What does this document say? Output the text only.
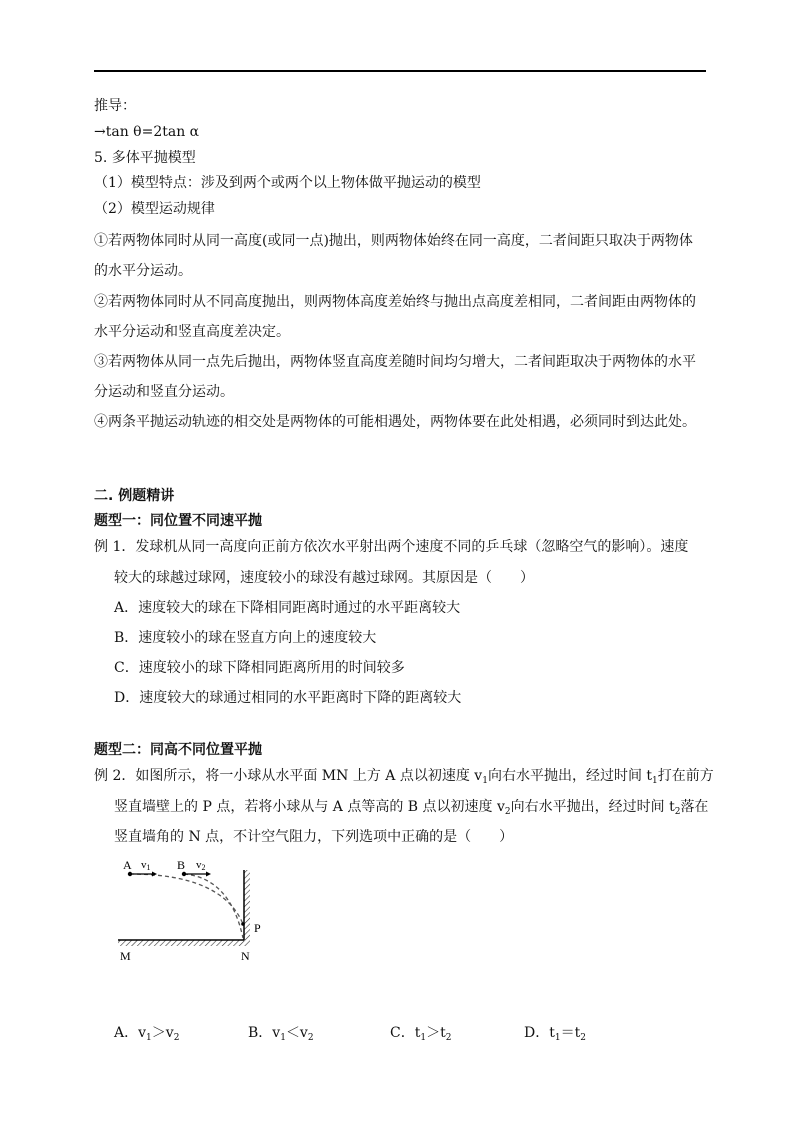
推导：
→tan θ=2tan α
5. 多体平抛模型
（1）模型特点：涉及到两个或两个以上物体做平抛运动的模型
（2）模型运动规律
①若两物体同时从同一高度(或同一点)抛出，则两物体始终在同一高度，二者间距只取决于两物体
的水平分运动。
②若两物体同时从不同高度抛出，则两物体高度差始终与抛出点高度差相同，二者间距由两物体的
水平分运动和竖直高度差决定。
③若两物体从同一点先后抛出，两物体竖直高度差随时间均匀增大，二者间距取决于两物体的水平
分运动和竖直分运动。
④两条平抛运动轨迹的相交处是两物体的可能相遇处，两物体要在此处相遇，必须同时到达此处。
二. 例题精讲
题型一：同位置不同速平抛
例 1．发球机从同一高度向正前方依次水平射出两个速度不同的乒乓球（忽略空气的影响）。速度
较大的球越过球网，速度较小的球没有越过球网。其原因是（　　）
A．速度较大的球在下降相同距离时通过的水平距离较大
B．速度较小的球在竖直方向上的速度较大
C．速度较小的球下降相同距离所用的时间较多
D．速度较大的球通过相同的水平距离时下降的距离较大
题型二：同高不同位置平抛
例 2．如图所示，将一小球从水平面 MN 上方 A 点以初速度 $v_1$向右水平抛出，经过时间 $t_1$打在前方
竖直墙壁上的 P 点，若将小球从与 A 点等高的 B 点以初速度 $v_2$向右水平抛出，经过时间 $t_2$落在
竖直墙角的 N 点，不计空气阻力，下列选项中正确的是（　　）
A v1 B v2
P
M	N
A．$v_1>v_2$	B．$v_1<v_2$	C．$t_1>t_2$	D．$t_1=t_2$
